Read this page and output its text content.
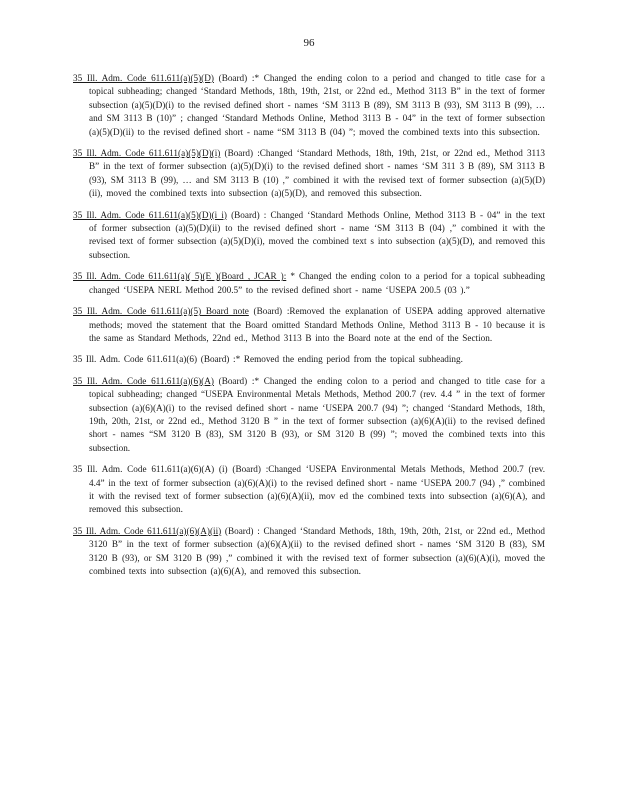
96

35 Ill. Adm. Code 611.611(a)(5)(D) (Board) :* Changed the ending colon to a period and changed to title case for a topical subheading; changed ‘Standard Methods, 18th, 19th, 21st, or 22nd ed., Method 3113 B” in the text of former subsection (a)(5)(D)(i) to the revised defined short - names ‘SM 3113 B (89), SM 3113 B (93), SM 3113 B (99), … and SM 3113 B (10)” ; changed ‘Standard Methods Online, Method 3113 B - 04” in the text of former subsection (a)(5)(D)(ii) to the revised defined short - name “SM 3113 B (04) ”; moved the combined texts into this subsection.

35 Ill. Adm. Code 611.611(a)(5)(D)(i) (Board) :Changed ‘Standard Methods, 18th, 19th, 21st, or 22nd ed., Method 3113 B” in the text of former subsection (a)(5)(D)(i) to the revised defined short - names ‘SM 311 3 B (89), SM 3113 B (93), SM 3113 B (99), … and SM 3113 B (10) ,” combined it with the revised text of former subsection (a)(5)(D)(ii), moved the combined texts into subsection (a)(5)(D), and removed this subsection.

35 Ill. Adm. Code 611.611(a)(5)(D)(i i) (Board) : Changed ‘Standard Methods Online, Method 3113 B - 04” in the text of former subsection (a)(5)(D)(ii) to the revised defined short - name ‘SM 3113 B (04) ,” combined it with the revised text of former subsection (a)(5)(D)(i), moved the combined text s into subsection (a)(5)(D), and removed this subsection.

35 Ill. Adm. Code 611.611(a)( 5)(E )(Board , JCAR ): * Changed the ending colon to a period for a topical subheading changed ‘USEPA NERL Method 200.5” to the revised defined short - name ‘USEPA 200.5 (03 ).”

35 Ill. Adm. Code 611.611(a)(5) Board note (Board) :Removed the explanation of USEPA adding approved alternative methods; moved the statement that the Board omitted Standard Methods Online, Method 3113 B - 10 because it is the same as Standard Methods, 22nd ed., Method 3113 B into the Board note at the end of the Section.

35 Ill. Adm. Code 611.611(a)(6) (Board) :* Removed the ending period from the topical subheading.

35 Ill. Adm. Code 611.611(a)(6)(A) (Board) :* Changed the ending colon to a period and changed to title case for a topical subheading; changed “USEPA Environmental Metals Methods, Method 200.7 (rev. 4.4 ” in the text of former subsection (a)(6)(A)(i) to the revised defined short - name ‘USEPA 200.7 (94) ”; changed ‘Standard Methods, 18th, 19th, 20th, 21st, or 22nd ed., Method 3120 B ” in the text of former subsection (a)(6)(A)(ii) to the revised defined short - names “SM 3120 B (83), SM 3120 B (93), or SM 3120 B (99) ”; moved the combined texts into this subsection.

35 Ill. Adm. Code 611.611(a)(6)(A) (i) (Board) :Changed ‘USEPA Environmental Metals Methods, Method 200.7 (rev. 4.4” in the text of former subsection (a)(6)(A)(i) to the revised defined short - name ‘USEPA 200.7 (94) ,” combined it with the revised text of former subsection (a)(6)(A)(ii), mov ed the combined texts into subsection (a)(6)(A), and removed this subsection.

35 Ill. Adm. Code 611.611(a)(6)(A)(ii) (Board) : Changed ‘Standard Methods, 18th, 19th, 20th, 21st, or 22nd ed., Method 3120 B” in the text of former subsection (a)(6)(A)(ii) to the revised defined short - names ‘SM 3120 B (83), SM 3120 B (93), or SM 3120 B (99) ,” combined it with the revised text of former subsection (a)(6)(A)(i), moved the combined texts into subsection (a)(6)(A), and removed this subsection.
